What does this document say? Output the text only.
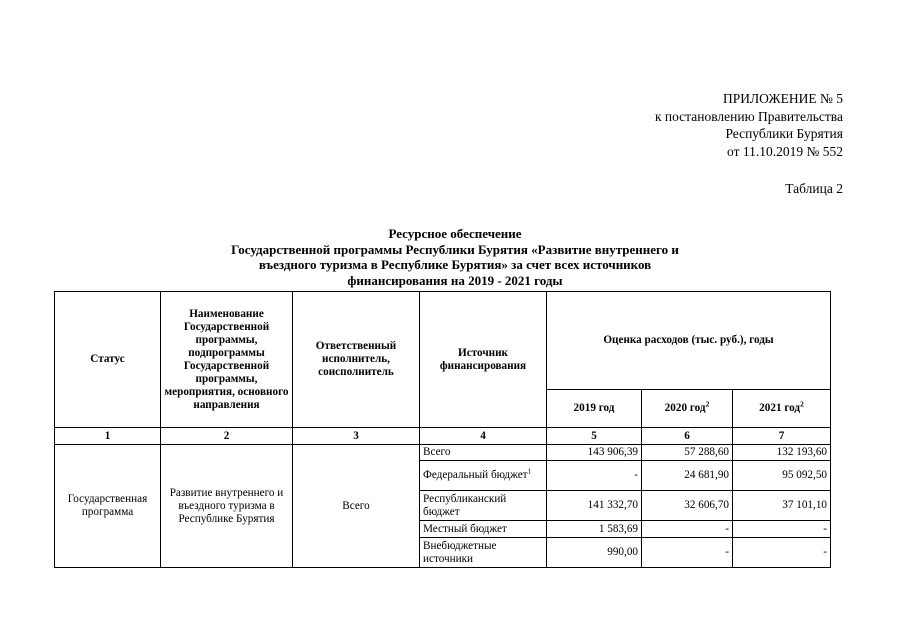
ПРИЛОЖЕНИЕ № 5
к постановлению Правительства
Республики Бурятия
от 11.10.2019 № 552
Таблица 2
Ресурсное обеспечение
Государственной программы Республики Бурятия «Развитие внутреннего и
въездного туризма в Республике Бурятия» за счет всех источников
финансирования на 2019 - 2021 годы
Статус	Наименование Государственной программы, подпрограммы Государственной программы, мероприятия, основного направления	Ответственный исполнитель, соисполнитель	Источник финансирования	Оценка расходов (тыс. руб.), годы		
				2019 год	2020 год$^2$	2021 год$^2$
1	2	3	4	5	6	7
Государственная программа	Развитие внутреннего и въездного туризма в Республике Бурятия	Всего	Всего	143 906,39	57 288,60	132 193,60
			Федеральный бюджет$^1$	-	24 681,90	95 092,50
			Республиканский бюджет	141 332,70	32 606,70	37 101,10
			Местный бюджет	1 583,69	-	-
			Внебюджетные источники	990,00	-	-
